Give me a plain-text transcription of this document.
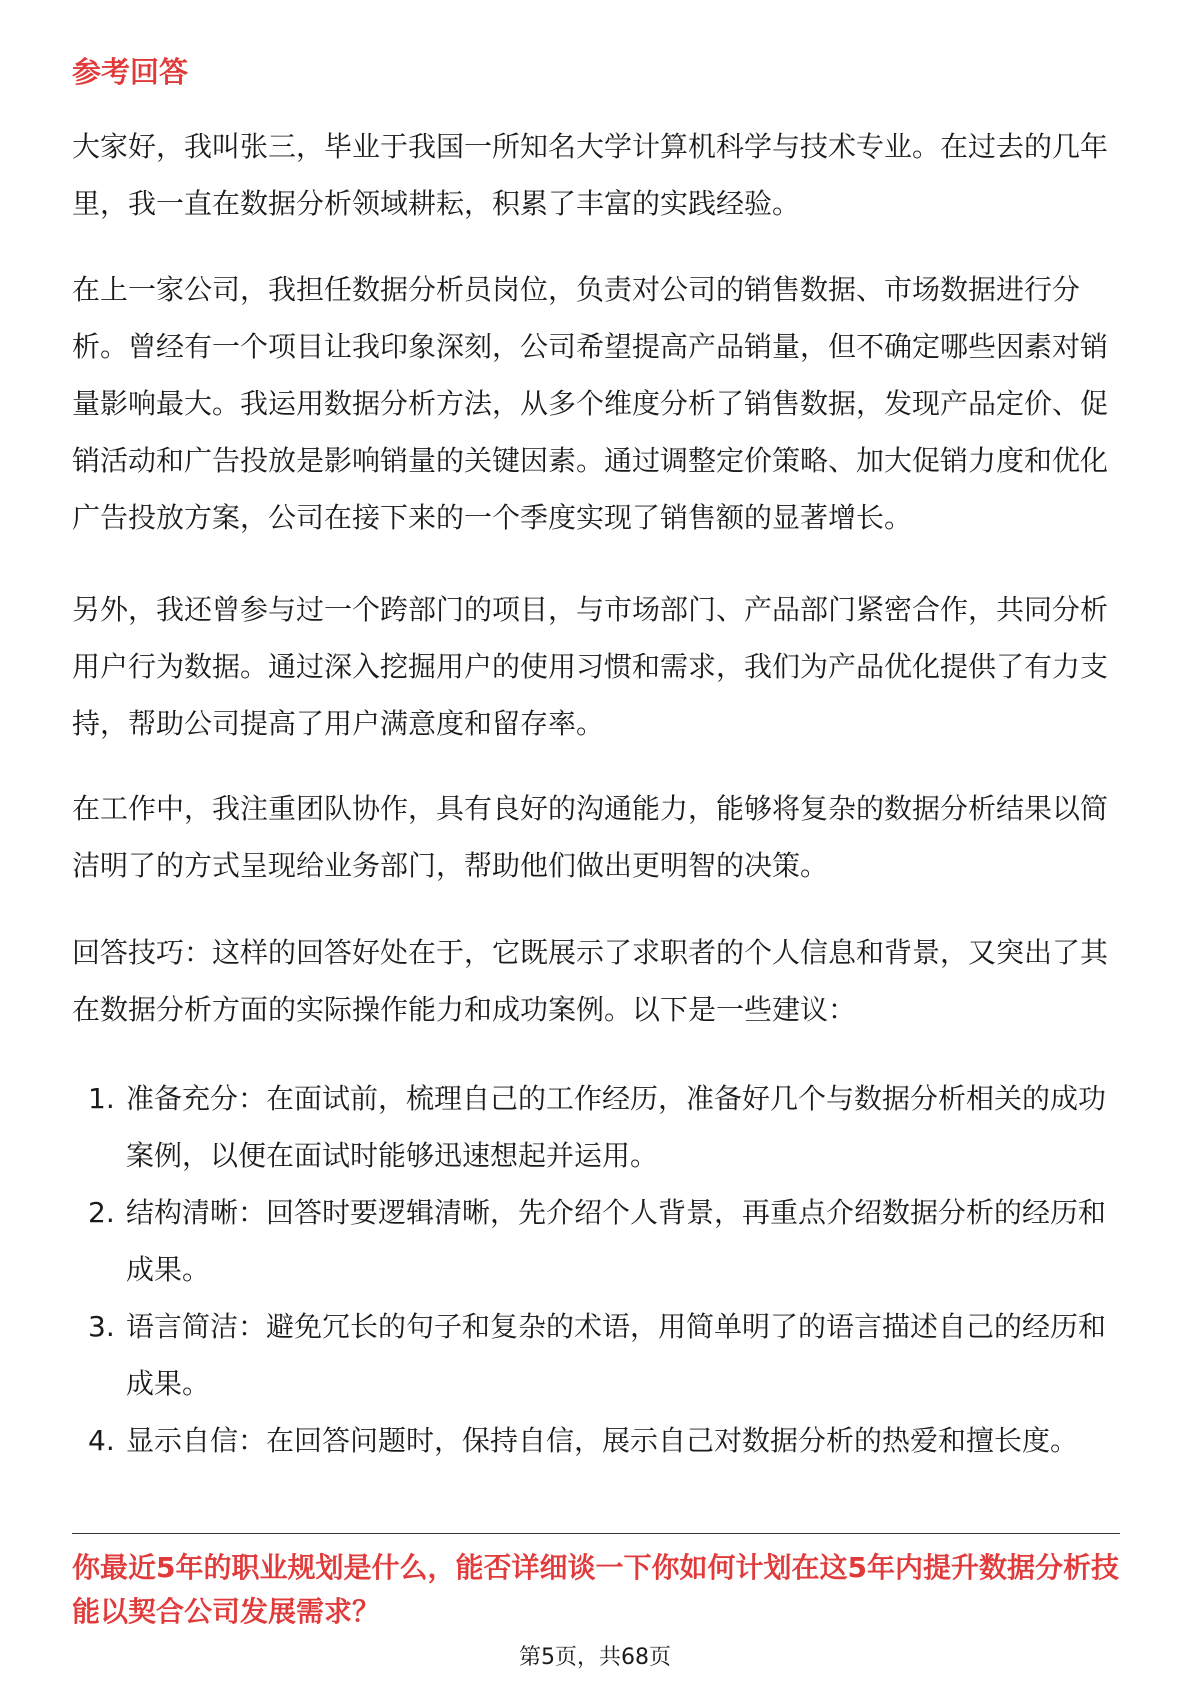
参考回答

大家好，我叫张三，毕业于我国一所知名大学计算机科学与技术专业。在过去的几年里，我一直在数据分析领域耕耘，积累了丰富的实践经验。

在上一家公司，我担任数据分析员岗位，负责对公司的销售数据、市场数据进行分析。曾经有一个项目让我印象深刻，公司希望提高产品销量，但不确定哪些因素对销量影响最大。我运用数据分析方法，从多个维度分析了销售数据，发现产品定价、促销活动和广告投放是影响销量的关键因素。通过调整定价策略、加大促销力度和优化广告投放方案，公司在接下来的一个季度实现了销售额的显著增长。

另外，我还曾参与过一个跨部门的项目，与市场部门、产品部门紧密合作，共同分析用户行为数据。通过深入挖掘用户的使用习惯和需求，我们为产品优化提供了有力支持，帮助公司提高了用户满意度和留存率。

在工作中，我注重团队协作，具有良好的沟通能力，能够将复杂的数据分析结果以简洁明了的方式呈现给业务部门，帮助他们做出更明智的决策。

回答技巧：这样的回答好处在于，它既展示了求职者的个人信息和背景，又突出了其在数据分析方面的实际操作能力和成功案例。以下是一些建议：

1. 准备充分：在面试前，梳理自己的工作经历，准备好几个与数据分析相关的成功案例，以便在面试时能够迅速想起并运用。
2. 结构清晰：回答时要逻辑清晰，先介绍个人背景，再重点介绍数据分析的经历和成果。
3. 语言简洁：避免冗长的句子和复杂的术语，用简单明了的语言描述自己的经历和成果。
4. 显示自信：在回答问题时，保持自信，展示自己对数据分析的热爱和擅长度。

你最近5年的职业规划是什么，能否详细谈一下你如何计划在这5年内提升数据分析技能以契合公司发展需求？

第5页，共68页
